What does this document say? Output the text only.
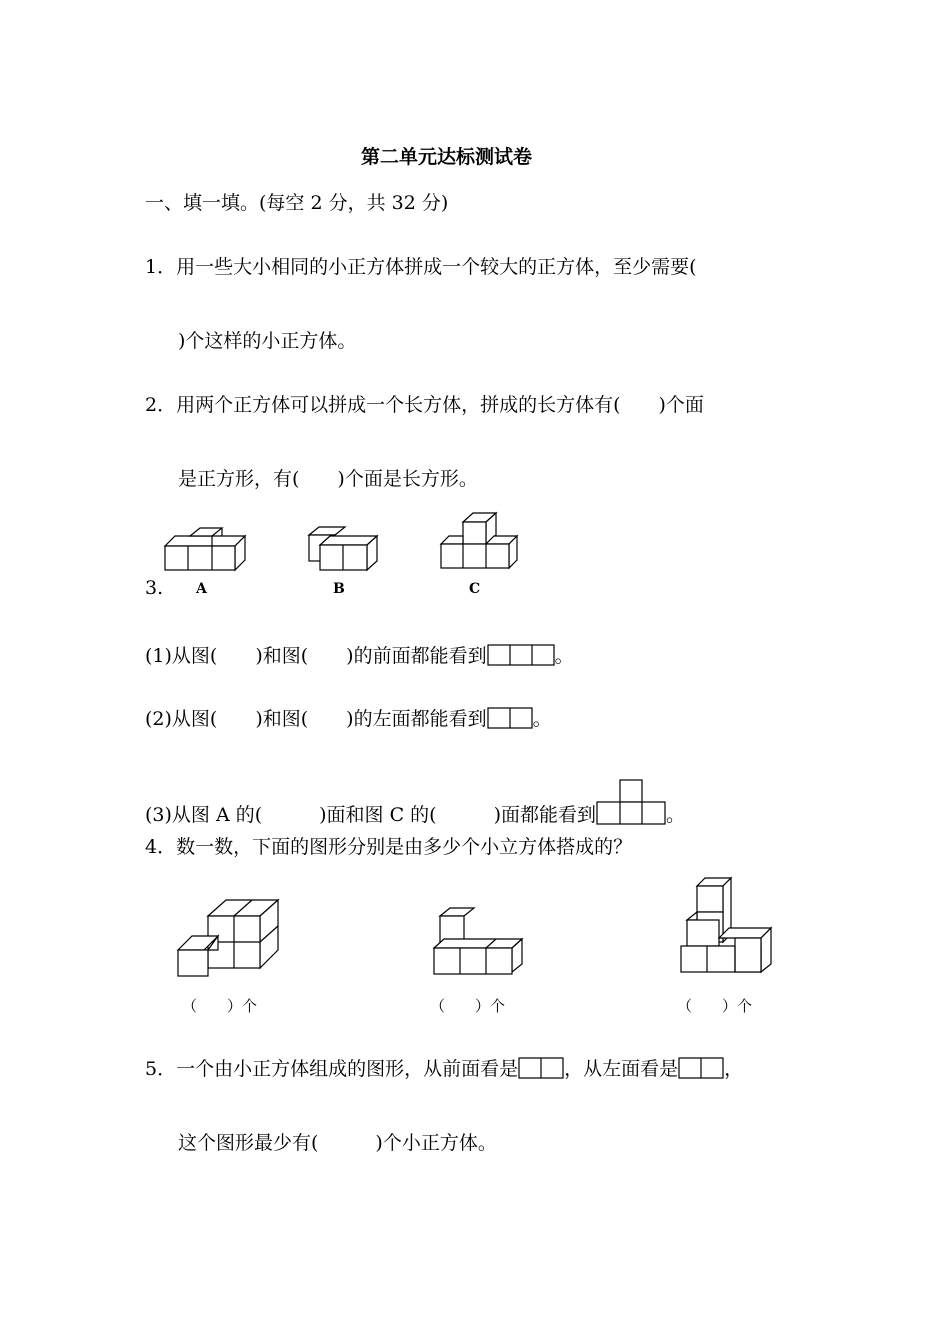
第二单元达标测试卷
一、填一填。(每空 2 分，共 32 分)
1．用一些大小相同的小正方体拼成一个较大的正方体，至少需要(
)个这样的小正方体。
2．用两个正方体可以拼成一个长方体，拼成的长方体有(　　)个面
是正方形，有(　　)个面是长方形。
3. A	B	C
(1)从图(　　)和图(　　)的前面都能看到	。
(2)从图(　　)和图(　　)的左面都能看到 。
(3)从图 A 的(　　　)面和图 C 的(　　　)面都能看到	。
4．数一数，下面的图形分别是由多少个小立方体搭成的？
（　　）个	（　　）个	（　　）个
5．一个由小正方体组成的图形，从前面看是 ，从左面看是 ，
这个图形最少有(　　　)个小正方体。
